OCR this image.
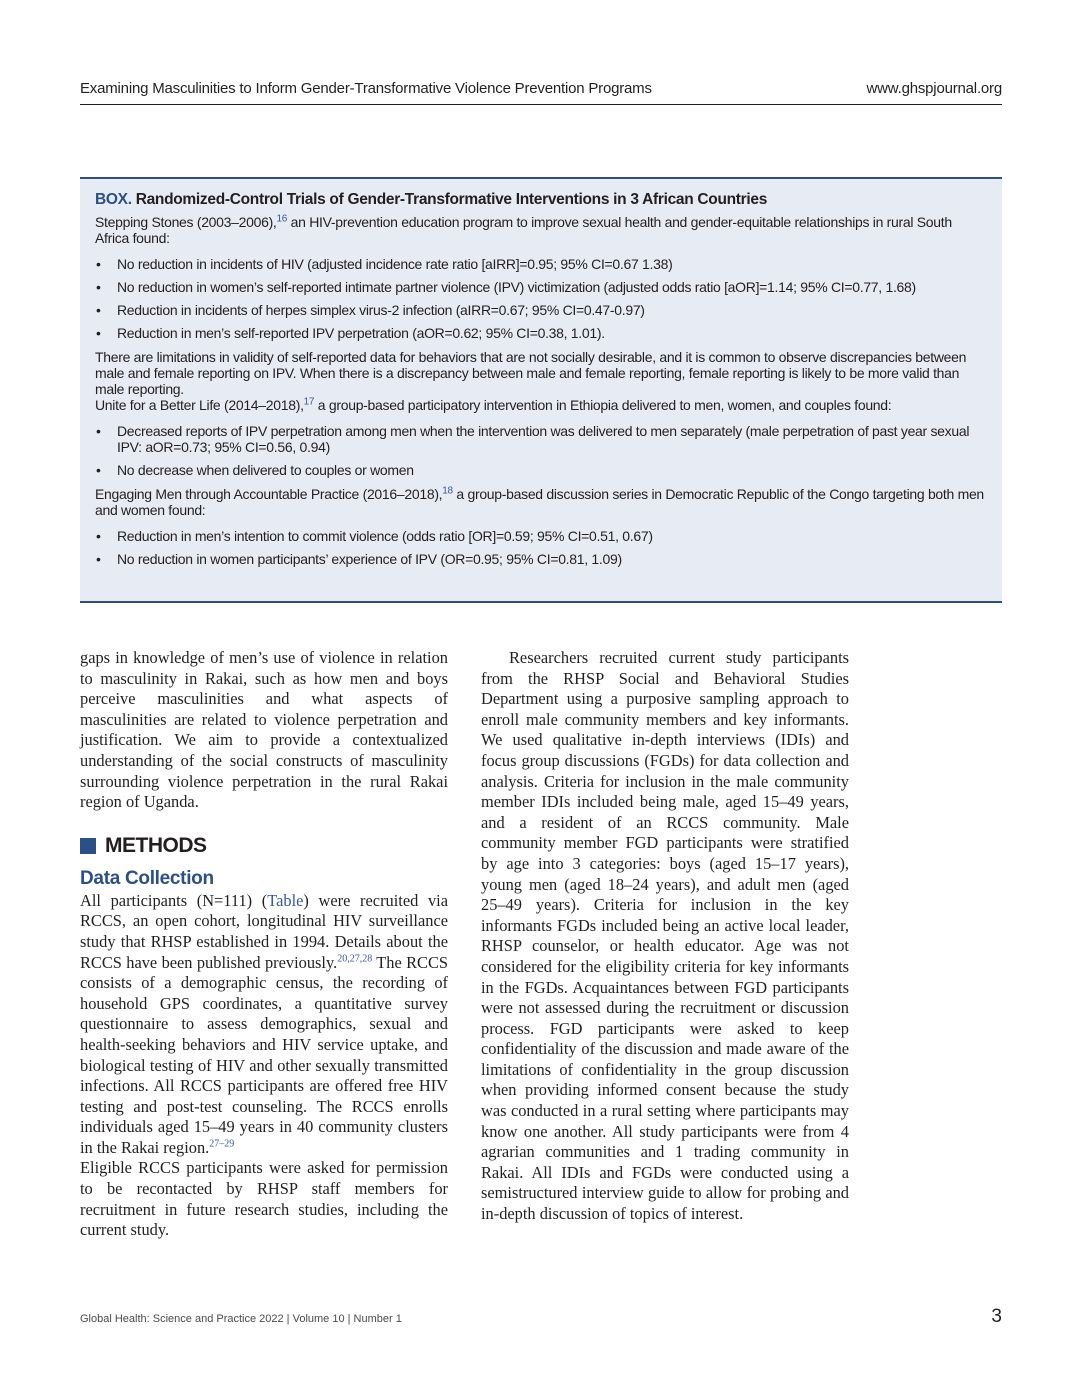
Examining Masculinities to Inform Gender-Transformative Violence Prevention Programs	www.ghspjournal.org
BOX. Randomized-Control Trials of Gender-Transformative Interventions in 3 African Countries

Stepping Stones (2003–2006),$^{16}$ an HIV-prevention education program to improve sexual health and gender-equitable relationships in rural South Africa found:

• No reduction in incidents of HIV (adjusted incidence rate ratio [aIRR]=0.95; 95% CI=0.67 1.38)
• No reduction in women’s self-reported intimate partner violence (IPV) victimization (adjusted odds ratio [aOR]=1.14; 95% CI=0.77, 1.68)
• Reduction in incidents of herpes simplex virus-2 infection (aIRR=0.67; 95% CI=0.47-0.97)
• Reduction in men’s self-reported IPV perpetration (aOR=0.62; 95% CI=0.38, 1.01).

There are limitations in validity of self-reported data for behaviors that are not socially desirable, and it is common to observe discrepancies between male and female reporting on IPV. When there is a discrepancy between male and female reporting, female reporting is likely to be more valid than male reporting.

Unite for a Better Life (2014–2018),$^{17}$ a group-based participatory intervention in Ethiopia delivered to men, women, and couples found:

• Decreased reports of IPV perpetration among men when the intervention was delivered to men separately (male perpetration of past year sexual IPV: aOR=0.73; 95% CI=0.56, 0.94)
• No decrease when delivered to couples or women

Engaging Men through Accountable Practice (2016–2018),$^{18}$ a group-based discussion series in Democratic Republic of the Congo targeting both men and women found:

• Reduction in men’s intention to commit violence (odds ratio [OR]=0.59; 95% CI=0.51, 0.67)
• No reduction in women participants’ experience of IPV (OR=0.95; 95% CI=0.81, 1.09)

gaps in knowledge of men’s use of violence in relation to masculinity in Rakai, such as how men and boys perceive masculinities and what aspects of masculinities are related to violence perpetration and justification. We aim to provide a contextualized understanding of the social constructs of masculinity surrounding violence perpetration in the rural Rakai region of Uganda.

METHODS
Data Collection

All participants (N=111) (Table) were recruited via RCCS, an open cohort, longitudinal HIV surveillance study that RHSP established in 1994. Details about the RCCS have been published previously.$^{20,27,28}$ The RCCS consists of a demographic census, the recording of household GPS coordinates, a quantitative survey questionnaire to assess demographics, sexual and health-seeking behaviors and HIV service uptake, and biological testing of HIV and other sexually transmitted infections. All RCCS participants are offered free HIV testing and post-test counseling. The RCCS enrolls individuals aged 15–49 years in 40 community clusters in the Rakai region.$^{27-29}$

Eligible RCCS participants were asked for permission to be recontacted by RHSP staff members for recruitment in future research studies, including the current study.

Researchers recruited current study participants from the RHSP Social and Behavioral Studies Department using a purposive sampling approach to enroll male community members and key informants. We used qualitative in-depth interviews (IDIs) and focus group discussions (FGDs) for data collection and analysis. Criteria for inclusion in the male community member IDIs included being male, aged 15–49 years, and a resident of an RCCS community. Male community member FGD participants were stratified by age into 3 categories: boys (aged 15–17 years), young men (aged 18–24 years), and adult men (aged 25–49 years). Criteria for inclusion in the key informants FGDs included being an active local leader, RHSP counselor, or health educator. Age was not considered for the eligibility criteria for key informants in the FGDs. Acquaintances between FGD participants were not assessed during the recruitment or discussion process. FGD participants were asked to keep confidentiality of the discussion and made aware of the limitations of confidentiality in the group discussion when providing informed consent because the study was conducted in a rural setting where participants may know one another. All study participants were from 4 agrarian communities and 1 trading community in Rakai. All IDIs and FGDs were conducted using a semistructured interview guide to allow for probing and in-depth discussion of topics of interest.

Global Health: Science and Practice 2022 | Volume 10 | Number 1	3
